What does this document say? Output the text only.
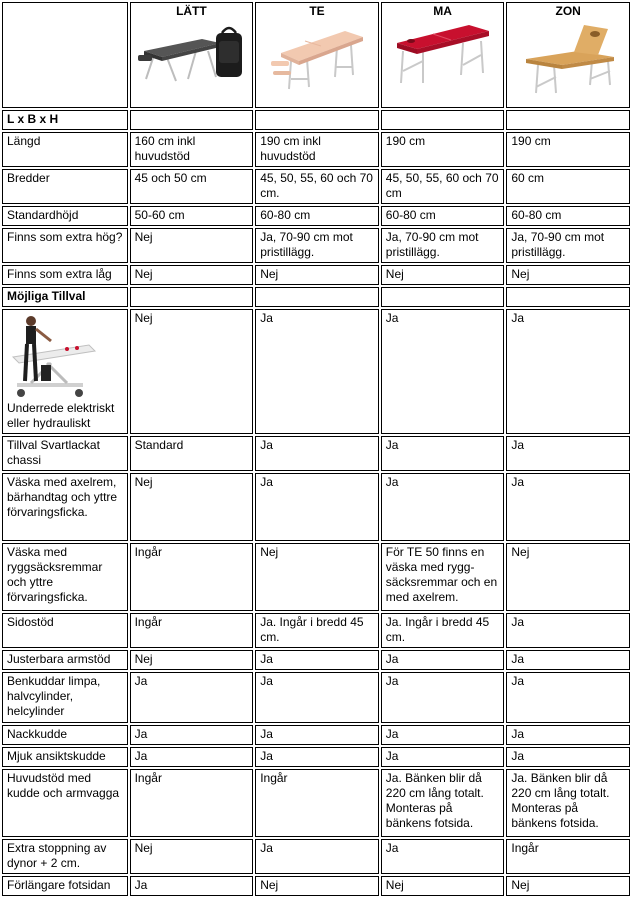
	LÄTT	TE	MA	ZON

L x B x H				
Längd	160 cm inkl huvudstöd	190 cm inkl huvudstöd	190 cm	190 cm
Bredder	45 och 50 cm	45, 50, 55, 60 och 70 cm.	45, 50, 55, 60 och 70 cm	60 cm
Standardhöjd	50-60 cm	60-80 cm	60-80 cm	60-80 cm
Finns som extra hög?	Nej	Ja, 70-90 cm mot pristillägg.	Ja, 70-90 cm mot pristillägg.	Ja, 70-90 cm mot pristillägg.
Finns som extra låg	Nej	Nej	Nej	Nej
Möjliga Tillval				

Underrede elektriskt eller hydrauliskt	Nej	Ja	Ja	Ja
Tillval Svartlackat chassi	Standard	Ja	Ja	Ja
Väska med axelrem, bärhandtag och yttre förvaringsficka.	Nej	Ja	Ja	Ja
Väska med ryggsäcksremmar och yttre förvaringsficka.	Ingår	Nej	För TE 50 finns en väska med rygg-säcksremmar och en med axelrem.	Nej
Sidostöd	Ingår	Ja. Ingår i bredd 45 cm.	Ja. Ingår i bredd 45 cm.	Ja
Justerbara armstöd	Nej	Ja	Ja	Ja
Benkuddar limpa, halvcylinder, helcylinder	Ja	Ja	Ja	Ja
Nackkudde	Ja	Ja	Ja	Ja
Mjuk ansiktskudde	Ja	Ja	Ja	Ja
Huvudstöd med kudde och armvagga	Ingår	Ingår	Ja. Bänken blir då 220 cm lång totalt. Monteras på bänkens fotsida.	Ja. Bänken blir då 220 cm lång totalt. Monteras på bänkens fotsida.
Extra stoppning av dynor + 2 cm.	Nej	Ja	Ja	Ingår
Förlängare fotsidan	Ja	Nej	Nej	Nej
